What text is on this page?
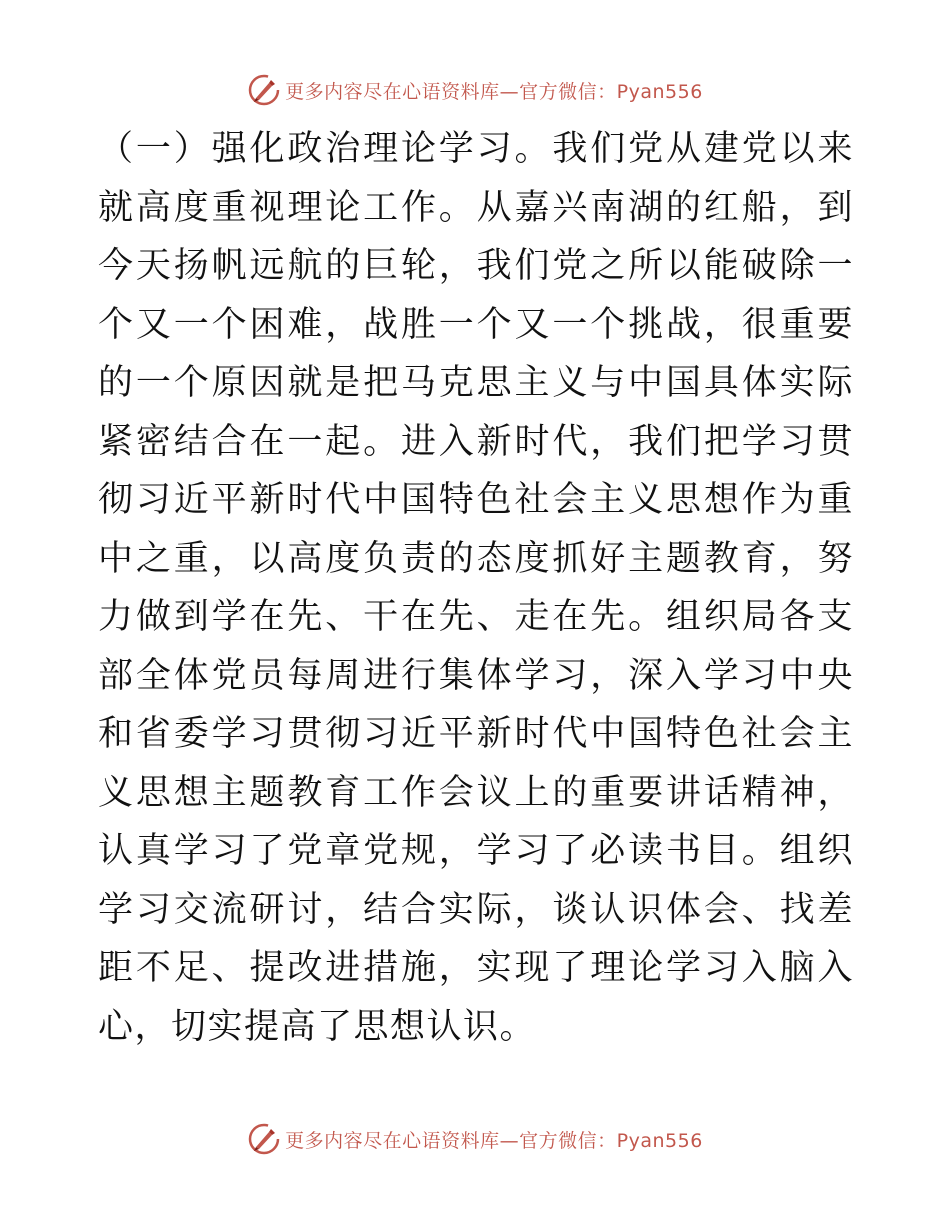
更多内容尽在心语资料库—官方微信：Pyan556

（一）强化政治理论学习。我们党从建党以来就高度重视理论工作。从嘉兴南湖的红船，到今天扬帆远航的巨轮，我们党之所以能破除一个又一个困难，战胜一个又一个挑战，很重要的一个原因就是把马克思主义与中国具体实际紧密结合在一起。进入新时代，我们把学习贯彻习近平新时代中国特色社会主义思想作为重中之重，以高度负责的态度抓好主题教育，努力做到学在先、干在先、走在先。组织局各支部全体党员每周进行集体学习，深入学习中央和省委学习贯彻习近平新时代中国特色社会主义思想主题教育工作会议上的重要讲话精神，认真学习了党章党规，学习了必读书目。组织学习交流研讨，结合实际，谈认识体会、找差距不足、提改进措施，实现了理论学习入脑入心，切实提高了思想认识。

更多内容尽在心语资料库—官方微信：Pyan556
